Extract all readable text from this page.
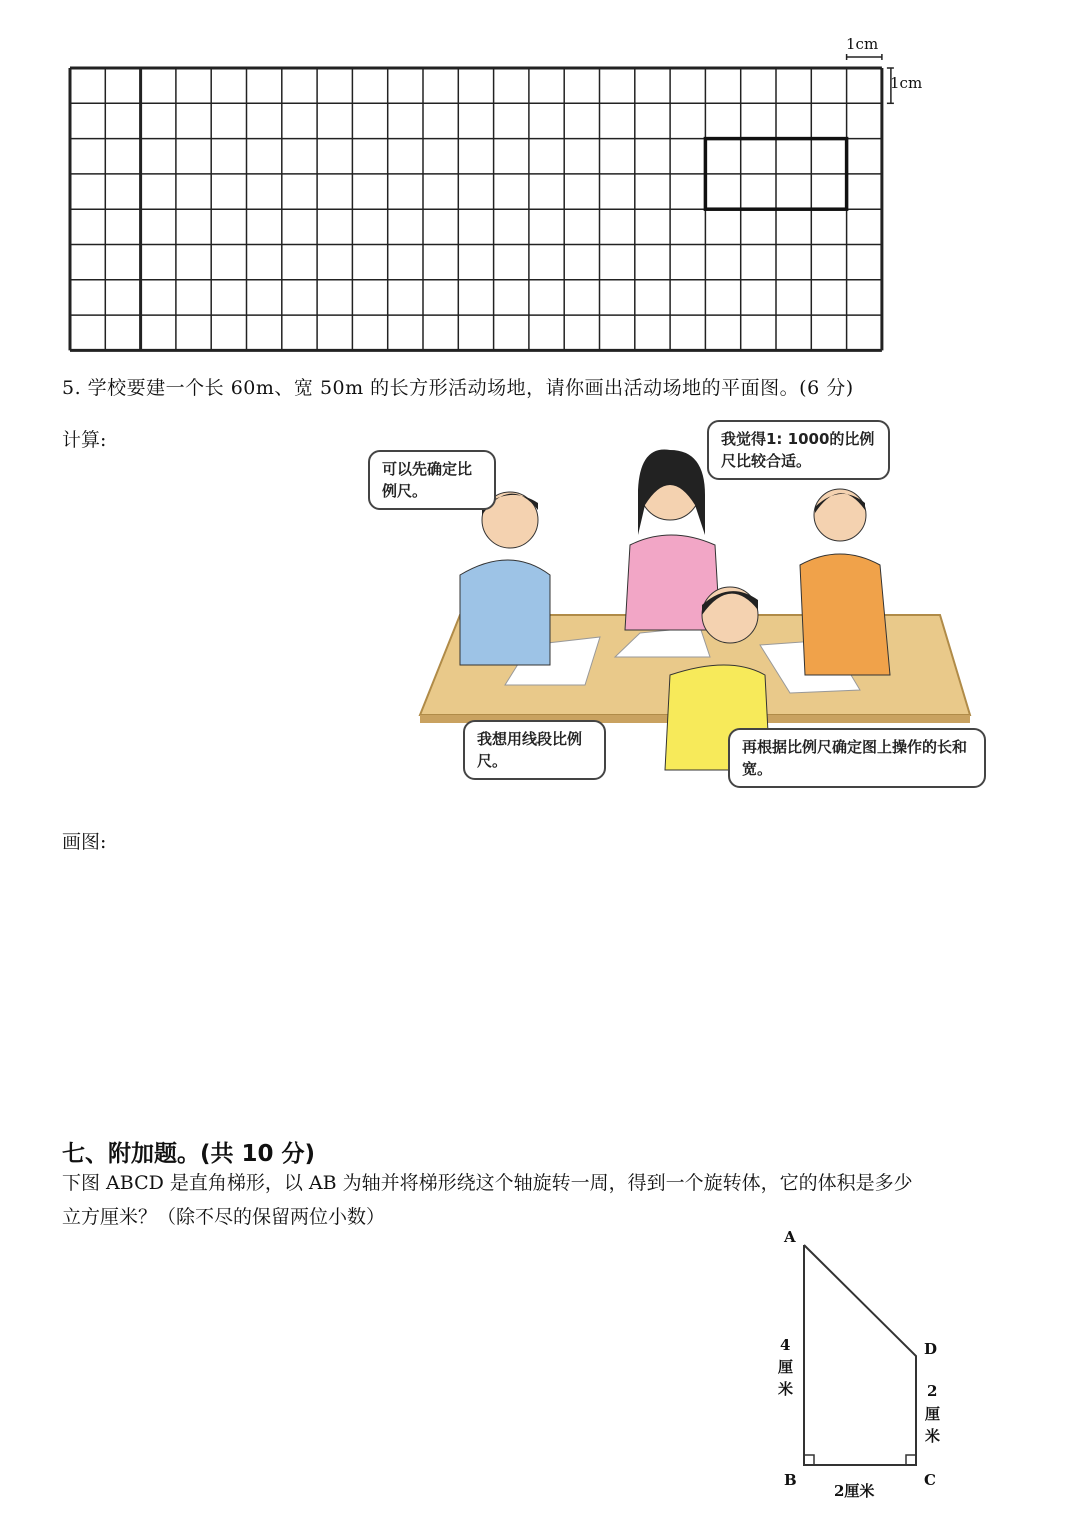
1cm
1cm
5. 学校要建一个长 60m、宽 50m 的长方形活动场地，请你画出活动场地的平面图。(6 分)
计算:
可以先确定比例尺。
我觉得1: 1000的比例尺比较合适。
我想用线段比例尺。
再根据比例尺确定图上操作的长和宽。
画图:
七、附加题。(共 10 分)
下图 ABCD 是直角梯形，以 AB 为轴并将梯形绕这个轴旋转一周，得到一个旋转体，它的体积是多少
立方厘米？（除不尽的保留两位小数）
A
B	C
D
4
厘
米	2
厘
米
2厘米
